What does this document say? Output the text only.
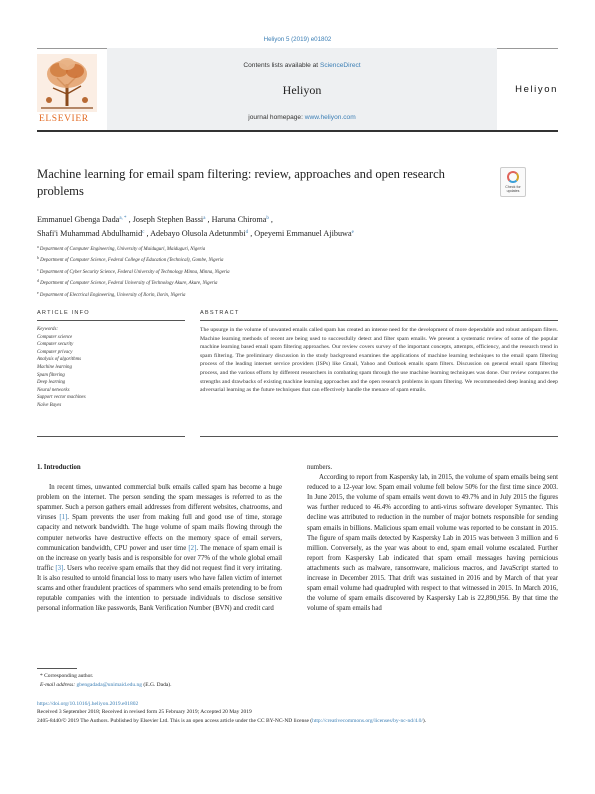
Heliyon 5 (2019) e01802
ELSEVIER
Contents lists available at ScienceDirect
Heliyon
journal homepage: www.heliyon.com
Heliyon
Machine learning for email spam filtering: review, approaches and open research problems	Check for updates
Emmanuel Gbenga Dada$^{a, *}$ , Joseph Stephen Bassi$^a$ , Haruna Chiroma$^b$ ,
Shafi'i Muhammad Abdulhamid$^c$ , Adebayo Olusola Adetunmbi$^d$ , Opeyemi Emmanuel Ajibuwa$^e$
$^a$ Department of Computer Engineering, University of Maiduguri, Maiduguri, Nigeria
$^b$ Department of Computer Science, Federal College of Education (Technical), Gombe, Nigeria
$^c$ Department of Cyber Security Science, Federal University of Technology Minna, Minna, Nigeria
$^d$ Department of Computer Science, Federal University of Technology Akure, Akure, Nigeria
$^e$ Department of Electrical Engineering, University of Ilorin, Ilorin, Nigeria
ARTICLE INFO	ABSTRACT
Keywords:
Computer science
Computer security
Computer privacy
Analysis of algorithms
Machine learning
Spam filtering
Deep learning
Neural networks
Support vector machines
Naïve Bayes
The upsurge in the volume of unwanted emails called spam has created an intense need for the development of more dependable and robust antispam filters. Machine learning methods of recent are being used to successfully detect and filter spam emails. We present a systematic review of some of the popular machine learning based email spam filtering approaches. Our review covers survey of the important concepts, attempts, efficiency, and the research trend in spam filtering. The preliminary discussion in the study background examines the applications of machine learning techniques to the email spam filtering process of the leading internet service providers (ISPs) like Gmail, Yahoo and Outlook emails spam filters. Discussion on general email spam filtering process, and the various efforts by different researchers in combating spam through the use machine learning techniques was done. Our review compares the strengths and drawbacks of existing machine learning approaches and the open research problems in spam filtering. We recommended deep leaning and deep adversarial learning as the future techniques that can effectively handle the menace of spam emails.
1. Introduction

In recent times, unwanted commercial bulk emails called spam has become a huge problem on the internet. The person sending the spam messages is referred to as the spammer. Such a person gathers email addresses from different websites, chatrooms, and viruses [1]. Spam prevents the user from making full and good use of time, storage capacity and network bandwidth. The huge volume of spam mails flowing through the computer networks have destructive effects on the memory space of email servers, communication bandwidth, CPU power and user time [2]. The menace of spam email is on the increase on yearly basis and is responsible for over 77% of the whole global email traffic [3]. Users who receive spam emails that they did not request find it very irritating. It is also resulted to untold financial loss to many users who have fallen victim of internet scams and other fraudulent practices of spammers who send emails pretending to be from reputable companies with the intention to persuade individuals to disclose sensitive personal information like passwords, Bank Verification Number (BVN) and credit card

numbers.

According to report from Kaspersky lab, in 2015, the volume of spam emails being sent reduced to a 12-year low. Spam email volume fell below 50% for the first time since 2003. In June 2015, the volume of spam emails went down to 49.7% and in July 2015 the figures was further reduced to 46.4% according to anti-virus software developer Symantec. This decline was attributed to reduction in the number of major botnets responsible for sending spam emails in billions. Malicious spam email volume was reported to be constant in 2015. The figure of spam mails detected by Kaspersky Lab in 2015 was between 3 million and 6 million. Conversely, as the year was about to end, spam email volume escalated. Further report from Kaspersky Lab indicated that spam email messages having pernicious attachments such as malware, ransomware, malicious macros, and JavaScript started to increase in December 2015. That drift was sustained in 2016 and by March of that year spam email volume had quadrupled with respect to that witnessed in 2015. In March 2016, the volume of spam emails discovered by Kaspersky Lab is 22,890,956. By that time the volume of spam emails had

* Corresponding author.
E-mail address: gbengadada@unimaid.edu.ng (E.G. Dada).
https://doi.org/10.1016/j.heliyon.2019.e01802
Received 3 September 2018; Received in revised form 25 February 2019; Accepted 20 May 2019
2405-8440/© 2019 The Authors. Published by Elsevier Ltd. This is an open access article under the CC BY-NC-ND license (http://creativecommons.org/licenses/by-nc-nd/4.0/).
